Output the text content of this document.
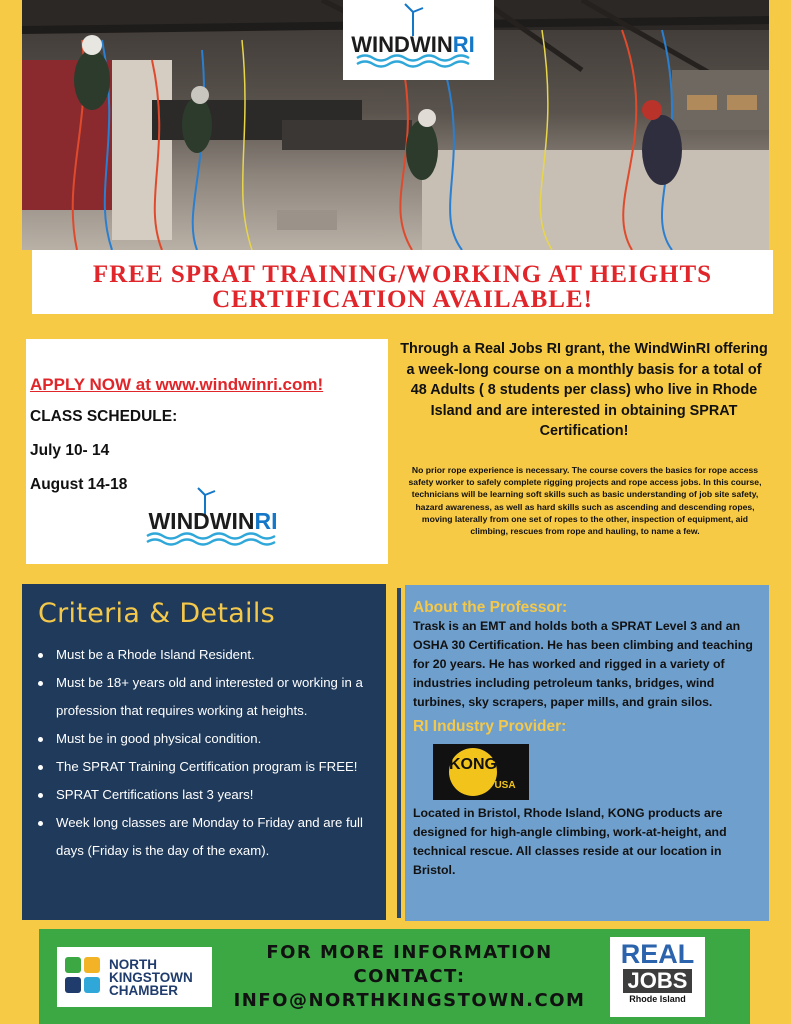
WINDWINRI
FREE SPRAT TRAINING/WORKING AT HEIGHTS
CERTIFICATION AVAILABLE!
APPLY NOW at www.windwinri.com!
CLASS SCHEDULE:
July 10- 14
August 14-18
WINDWINRI
Through a Real Jobs RI grant, the WindWinRI offering a week-long course on a monthly basis for a total of 48 Adults ( 8 students per class) who live in Rhode Island and are interested in obtaining SPRAT Certification!
No prior rope experience is necessary. The course covers the basics for rope access safety worker to safely complete rigging projects and rope access jobs. In this course, technicians will be learning soft skills such as basic understanding of job site safety, hazard awareness, as well as hard skills such as ascending and descending ropes, moving laterally from one set of ropes to the other, inspection of equipment, aid climbing, rescues from rope and hauling, to name a few.
Criteria & Details
Must be a Rhode Island Resident.
Must be 18+ years old and interested or working in a profession that requires working at heights.
Must be in good physical condition.
The SPRAT Training Certification program is FREE!
SPRAT Certifications last 3 years!
Week long classes are Monday to Friday and are full days (Friday is the day of the exam).
About the Professor:
Trask is an EMT and holds both a SPRAT Level 3 and an OSHA 30 Certification. He has been climbing and teaching for 20 years. He has worked and rigged in a variety of industries including petroleum tanks, bridges, wind turbines, sky scrapers, paper mills, and grain silos.
RI Industry Provider:
KONG
USA
Located in Bristol, Rhode Island, KONG products are designed for high-angle climbing, work-at-height, and technical rescue. All classes reside at our location in Bristol.
NORTH
KINGSTOWN
CHAMBER
FOR MORE INFORMATION
CONTACT:
INFO@NORTHKINGSTOWN.COM
REAL
JOBS
Rhode Island
